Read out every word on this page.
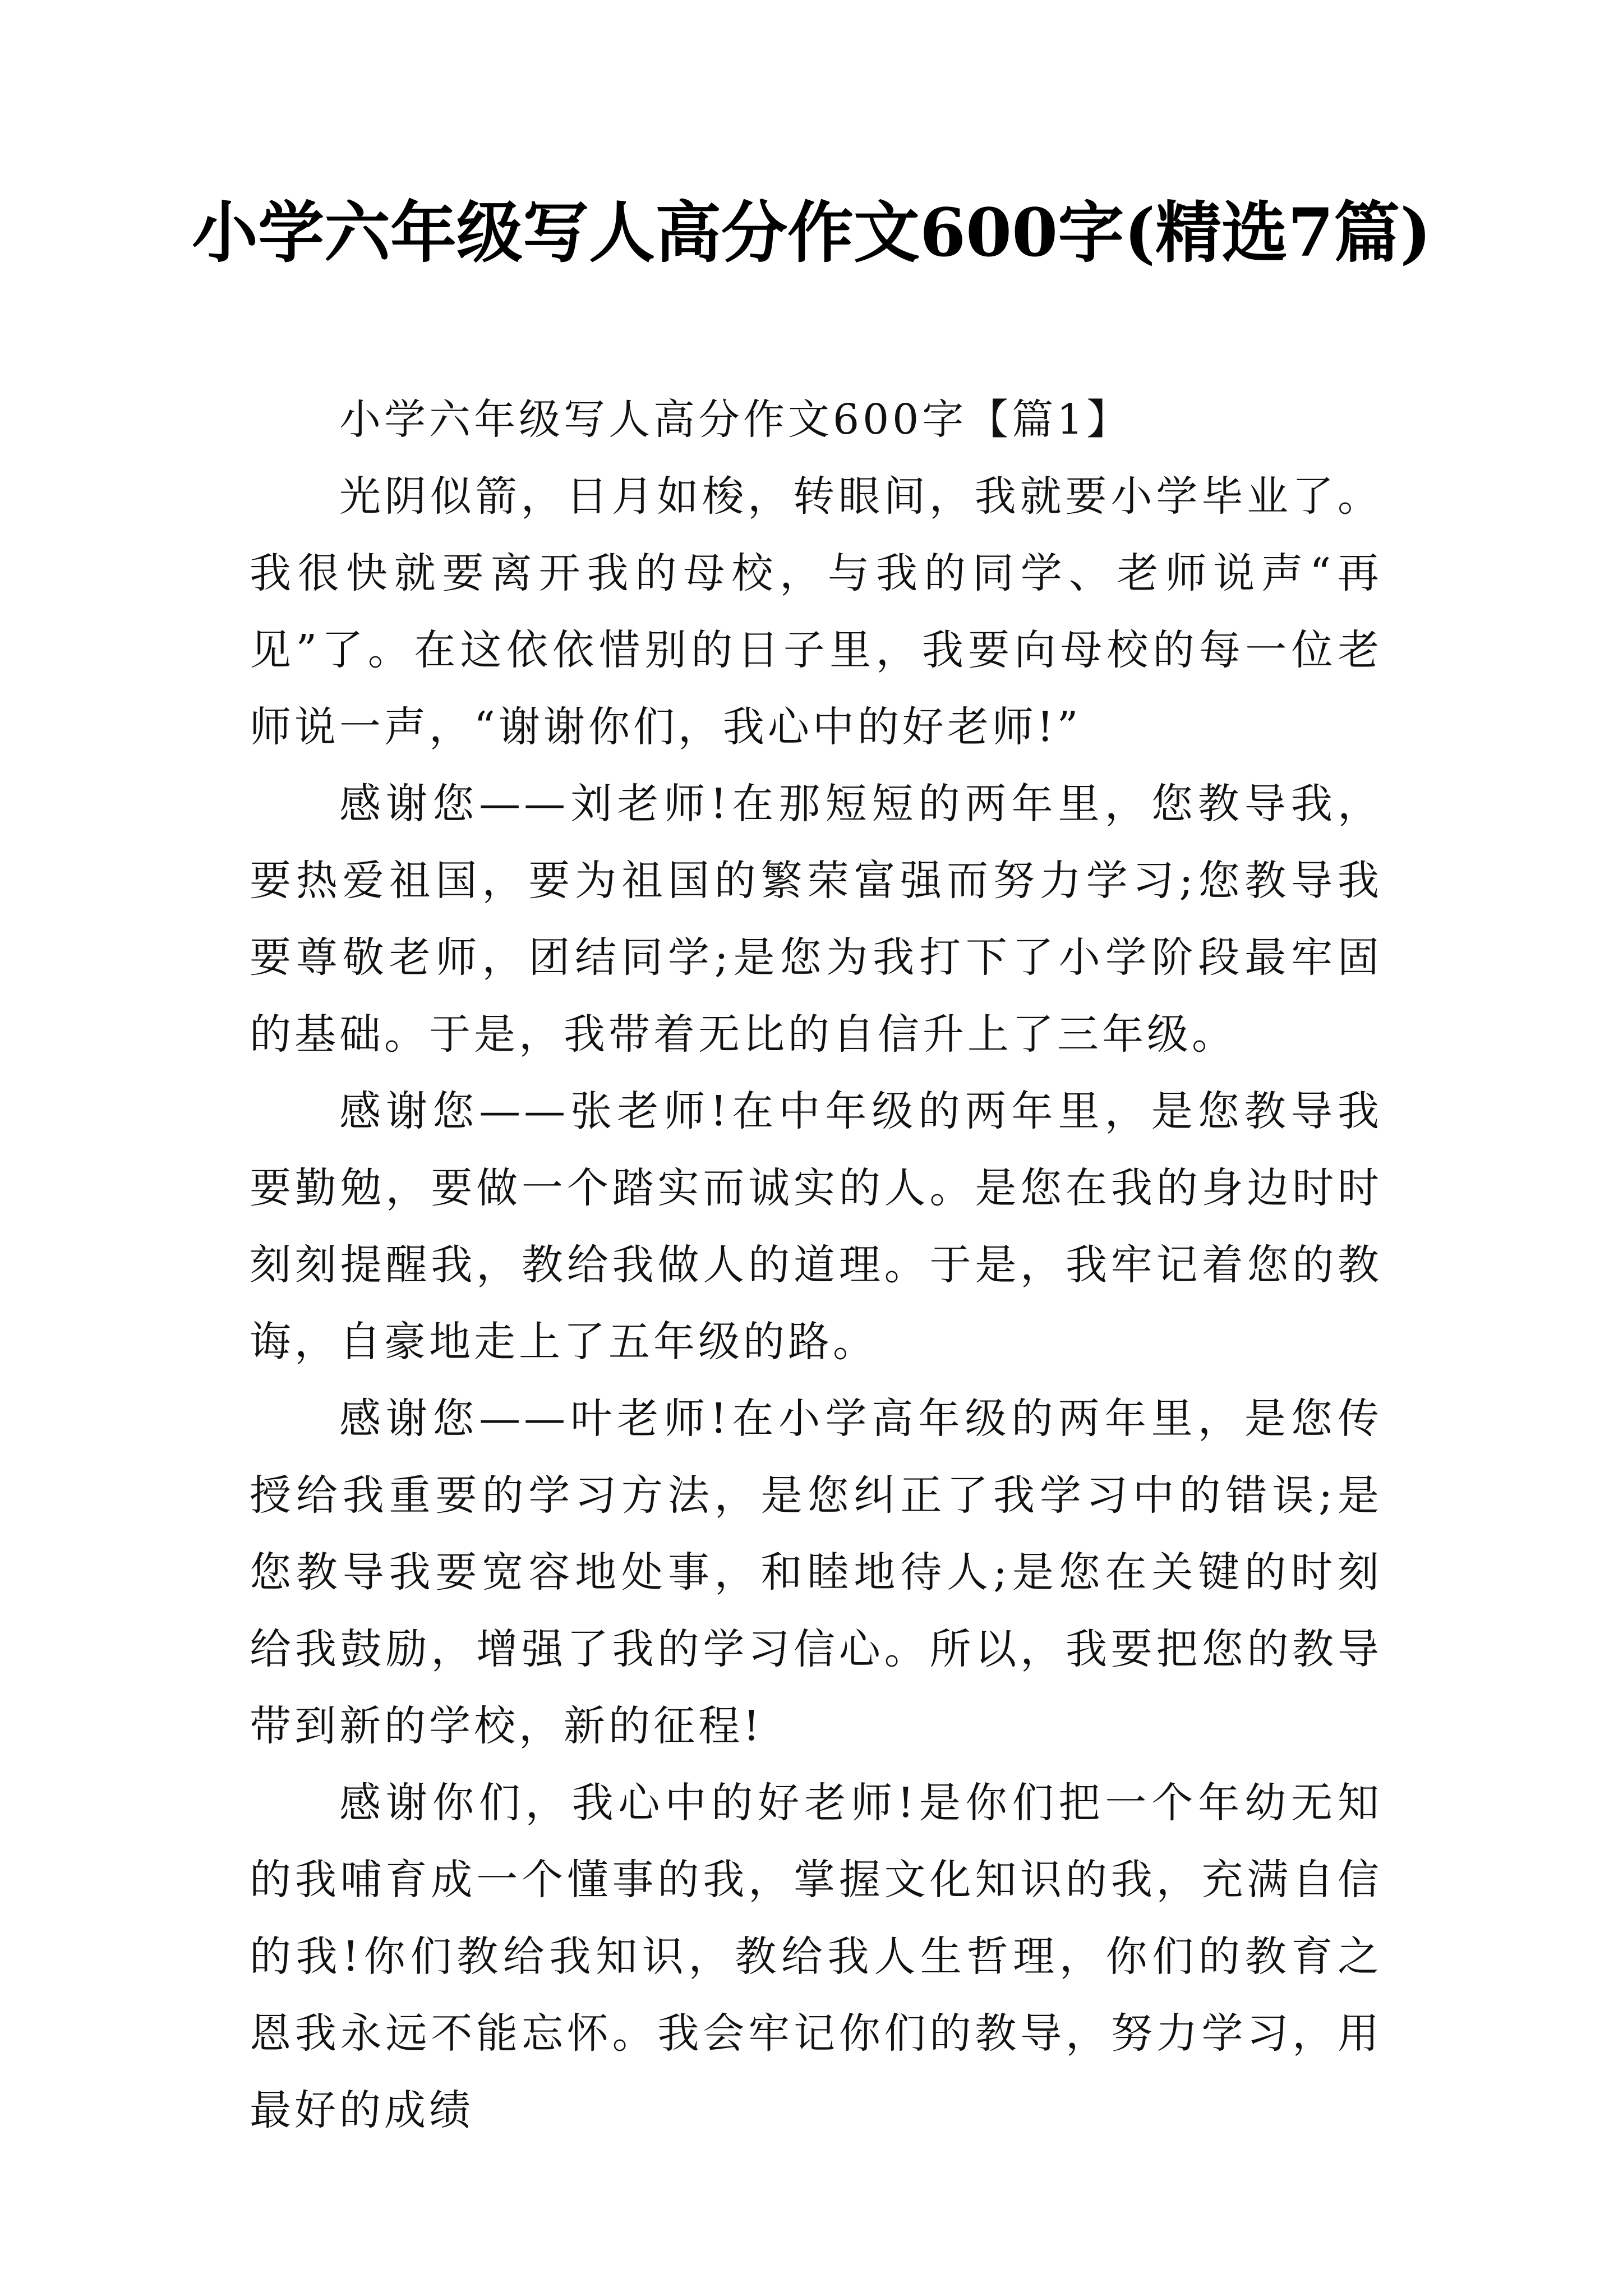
小学六年级写人高分作文600字(精选7篇)
小学六年级写人高分作文600字【篇1】

光阴似箭，日月如梭，转眼间，我就要小学毕业了。我很快就要离开我的母校，与我的同学、老师说声“再见”了。在这依依惜别的日子里，我要向母校的每一位老师说一声，“谢谢你们，我心中的好老师!”

感谢您——刘老师!在那短短的两年里，您教导我，要热爱祖国，要为祖国的繁荣富强而努力学习;您教导我要尊敬老师，团结同学;是您为我打下了小学阶段最牢固的基础。于是，我带着无比的自信升上了三年级。

感谢您——张老师!在中年级的两年里，是您教导我要勤勉，要做一个踏实而诚实的人。是您在我的身边时时刻刻提醒我，教给我做人的道理。于是，我牢记着您的教诲，自豪地走上了五年级的路。

感谢您——叶老师!在小学高年级的两年里，是您传授给我重要的学习方法，是您纠正了我学习中的错误;是您教导我要宽容地处事，和睦地待人;是您在关键的时刻给我鼓励，增强了我的学习信心。所以，我要把您的教导带到新的学校，新的征程!

感谢你们，我心中的好老师!是你们把一个年幼无知的我哺育成一个懂事的我，掌握文化知识的我，充满自信的我!你们教给我知识，教给我人生哲理，你们的教育之恩我永远不能忘怀。我会牢记你们的教导，努力学习，用最好的成绩
